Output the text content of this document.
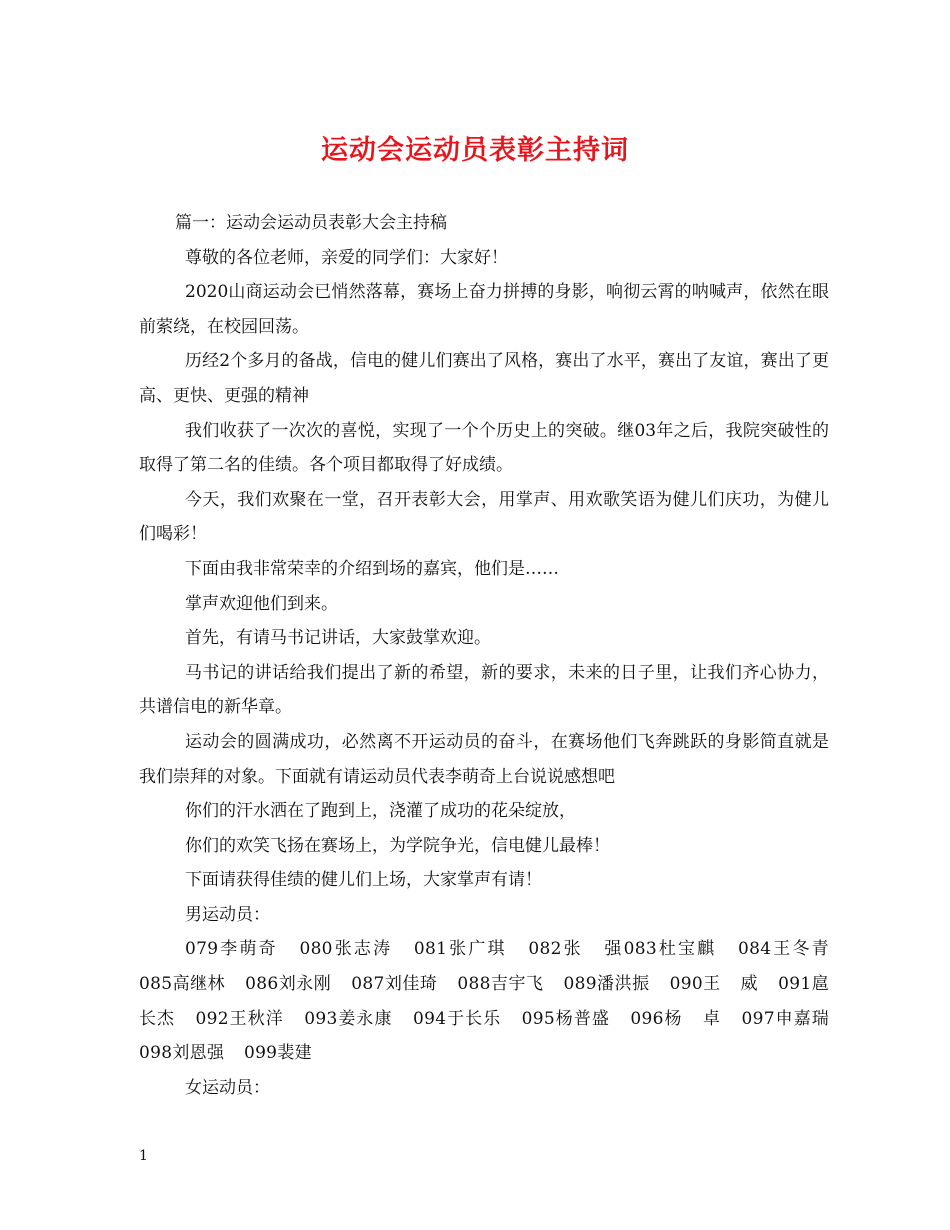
运动会运动员表彰主持词

篇一：运动会运动员表彰大会主持稿

尊敬的各位老师，亲爱的同学们：大家好！

2020山商运动会已悄然落幕，赛场上奋力拼搏的身影，响彻云霄的呐喊声，依然在眼前萦绕，在校园回荡。

历经2个多月的备战，信电的健儿们赛出了风格，赛出了水平，赛出了友谊，赛出了更高、更快、更强的精神

我们收获了一次次的喜悦，实现了一个个历史上的突破。继03年之后，我院突破性的取得了第二名的佳绩。各个项目都取得了好成绩。

今天，我们欢聚在一堂，召开表彰大会，用掌声、用欢歌笑语为健儿们庆功，为健儿们喝彩！

下面由我非常荣幸的介绍到场的嘉宾，他们是……

掌声欢迎他们到来。

首先，有请马书记讲话，大家鼓掌欢迎。

马书记的讲话给我们提出了新的希望，新的要求，未来的日子里，让我们齐心协力，共谱信电的新华章。

运动会的圆满成功，必然离不开运动员的奋斗，在赛场他们飞奔跳跃的身影简直就是我们崇拜的对象。下面就有请运动员代表李萌奇上台说说感想吧

你们的汗水洒在了跑到上，浇灌了成功的花朵绽放，

你们的欢笑飞扬在赛场上，为学院争光，信电健儿最棒！

下面请获得佳绩的健儿们上场，大家掌声有请！

男运动员：

079李萌奇 080张志涛 081张广琪 082张 强083杜宝麒 084王冬青 085高继林 086刘永刚 087刘佳琦 088吉宇飞 089潘洪振 090王 威 091扈长杰 092王秋洋 093姜永康 094于长乐 095杨普盛 096杨 卓 097申嘉瑞 098刘恩强 099裴建

女运动员：

1
